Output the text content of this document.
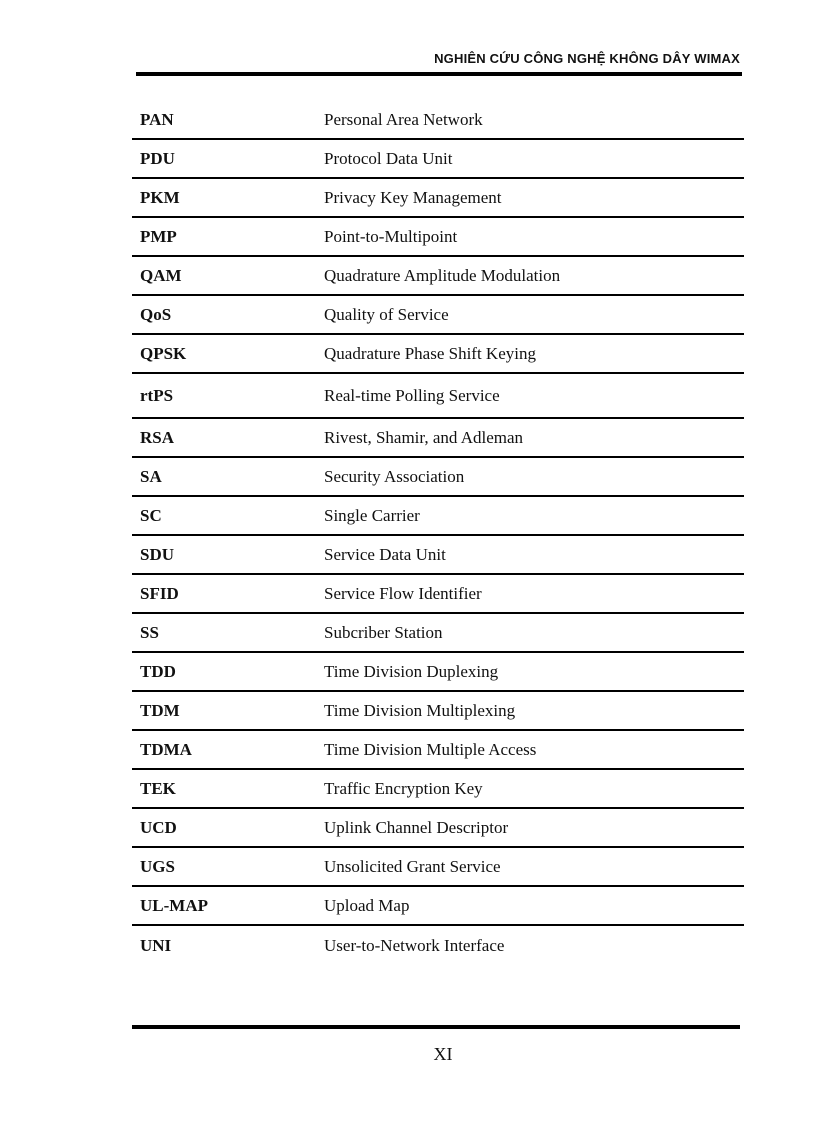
NGHIÊN CỨU CÔNG NGHỆ KHÔNG DÂY WIMAX
PAN	Personal Area Network
PDU	Protocol Data Unit
PKM	Privacy Key Management
PMP	Point-to-Multipoint
QAM	Quadrature Amplitude Modulation
QoS	Quality of Service
QPSK	Quadrature Phase Shift Keying
rtPS	Real-time Polling Service
RSA	Rivest, Shamir, and Adleman
SA	Security Association
SC	Single Carrier
SDU	Service Data Unit
SFID	Service Flow Identifier
SS	Subcriber Station
TDD	Time Division Duplexing
TDM	Time Division Multiplexing
TDMA	Time Division Multiple Access
TEK	Traffic Encryption Key
UCD	Uplink Channel Descriptor
UGS	Unsolicited Grant Service
UL-MAP	Upload Map
UNI	User-to-Network Interface
XI
